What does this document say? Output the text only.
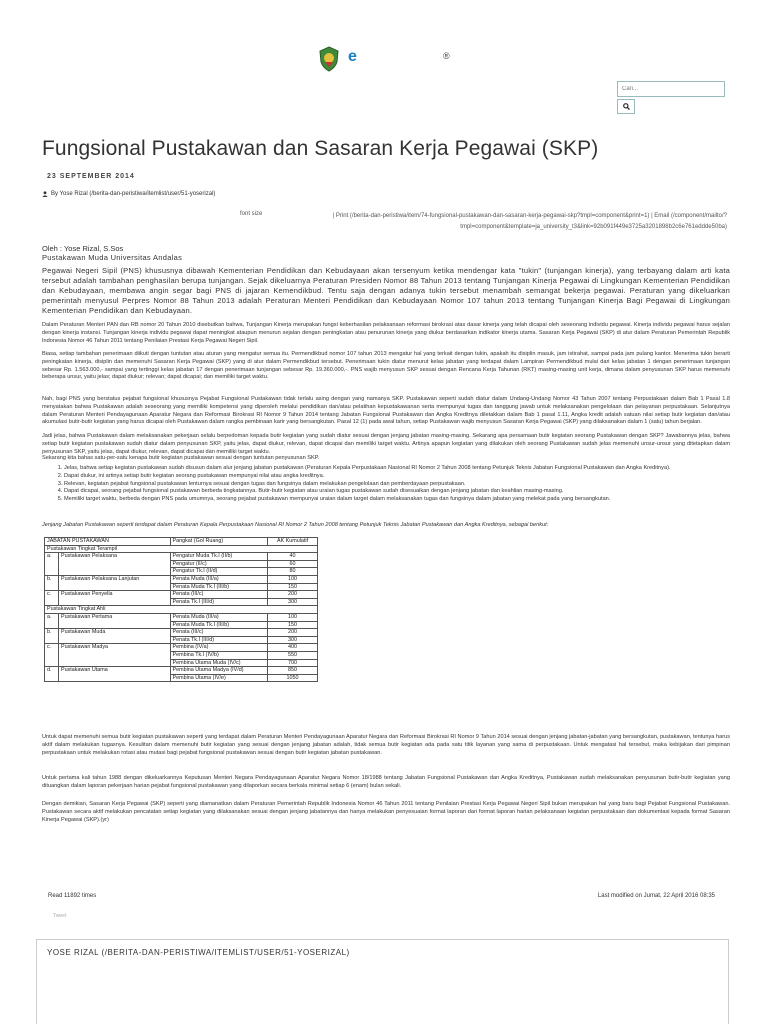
e	®
Cari...
Fungsional Pustakawan dan Sasaran Kerja Pegawai (SKP)
23 SEPTEMBER 2014
By Yose Rizal (/berita-dan-peristiwa/itemlist/user/51-yoserizal)
font size	| Print (/berita-dan-peristiwa/item/74-fungsional-pustakawan-dan-sasaran-kerja-pegawai-skp?tmpl=component&print=1) | Email (/component/mailto/?tmpl=component&template=ja_university_t3&link=92b091f449e3725a3201898b2c6e761eddde50ba)
Oleh : Yose Rizal, S.Sos
Pustakawan Muda Universitas Andalas
Pegawai Negeri Sipil (PNS) khususnya dibawah Kementerian Pendidikan dan Kebudayaan akan tersenyum ketika mendengar kata "tukin" (tunjangan kinerja), yang terbayang dalam arti kata tersebut adalah tambahan penghasilan berupa tunjangan. Sejak dikeluarnya Peraturan Presiden Nomor 88 Tahun 2013 tentang Tunjangan Kinerja Pegawai di Lingkungan Kementerian Pendidikan dan Kebudayaan, membawa angin segar bagi PNS di jajaran Kemendikbud. Tentu saja dengan adanya tukin tersebut menambah semangat bekerja pegawai. Peraturan yang dikeluarkan pemerintah menyusul Perpres Nomor 88 Tahun 2013 adalah Peraturan Menteri Pendidikan dan Kebudayaan Nomor 107 tahun 2013 tentang Tunjangan Kinerja Bagi Pegawai di Lingkungan Kementerian Pendidikan dan Kebudayaan.
Dalam Peraturan Menteri PAN dan RB nomor 20 Tahun 2010 disebutkan bahwa, Tunjangan Kinerja merupakan fungsi keberhasilan pelaksanaan reformasi birokrasi atas dasar kinerja yang telah dicapai oleh seseorang individu pegawai. Kinerja individu pegawai harus sejalan dengan kinerja instansi. Tunjangan kinerja individu pegawai dapat meningkat ataupun menurun sejalan dengan peningkatan atau penurunan kinerja yang diukur berdasarkan indikator kinerja utama. Sasaran Kerja Pegawai (SKP) di atur dalam Peraturan Pemerintah Republik Indonesia Nomor 46 Tahun 2011 tentang Penilaian Prestasi Kerja Pegawai Negeri Sipil.
Biasa, setiap tambahan penerimaan diikuti dengan tuntutan atau aturan yang mengatur semua itu. Permendikbud nomor 107 tahun 2013 mengatur hal yang terkait dengan tukin, apakah itu disiplin masuk, jam istirahat, sampai pada jam pulang kantor. Menerima tukin berarti peningkatan kinerja, disiplin dan memenuhi Sasaran Kerja Pegawai (SKP) yang di atur dalam Permendikbud tersebut. Penerimaan tukin diatur menurut kelas jabatan yang terdapat dalam Lampiran Permendikbud mulai dari kelas jabatan 1 dengan penerimaan tunjangan sebesar Rp. 1.563.000,- sampai yang tertinggi kelas jabatan 17 dengan penerimaan tunjangan sebesar Rp. 19.360.000,-. PNS wajib menyusun SKP sesuai dengan Rencana Kerja Tahunan (RKT) masing-masing unit kerja, dimana dalam penyusunan SKP harus memenuhi beberapa unsur, yaitu jelas; dapat diukur; relevan; dapat dicapai; dan memiliki target waktu.
Nah, bagi PNS yang berstatus pejabat fungsional khususnya Pejabat Fungsional Pustakawan tidak terlalu asing dengan yang namanya SKP. Pustakawan seperti sudah diatur dalam Undang-Undang Nomor 43 Tahun 2007 tentang Perpustakaan dalam Bab 1 Pasal 1.8 menyatakan bahwa Pustakawan adalah seseorang yang memiliki kompetensi yang diperoleh melalui pendidikan dan/atau pelatihan kepustakawanan serta mempunyai tugas dan tanggung jawab untuk melaksanakan pengelolaan dan pelayanan perpustakaan. Selanjutnya dalam Peraturan Menteri Pendayagunaan Aparatur Negara dan Reformasi Birokrasi RI Nomor 9 Tahun 2014 tentang Jabatan Fungsional Pustakawan dan Angka Kreditnya diletakkan dalam Bab 1 pasal 1.11, Angka kredit adalah satuan nilai setiap butir kegiatan dan/atau akumulasi butir-butir kegiatan yang harus dicapai oleh Pustakawan dalam rangka pembinaan karir yang bersangkutan. Pasal 12 (1) pada awal tahun, setiap Pustakawan wajib menyusun Sasaran Kerja Pegawai (SKP) yang dilaksanakan dalam 1 (satu) tahun berjalan.
Jadi jelas, bahwa Pustakawan dalam melaksanakan pekerjaan selalu berpedoman kepada butir kegiatan yang sudah diatur sesuai dengan jenjang jabatan masing-masing. Sekarang apa persamaan butir kegiatan seorang Pustakawan dengan SKP? Jawabannya jelas, bahwa setiap butir kegiatan pustakawan sudah diatur dalam penyusunan SKP, yaitu jelas, dapat diukur, relevan, dapat dicapai dan memiliki target waktu. Artinya apapun kegiatan yang dilakukan oleh seorang Pustakawan sudah jelas memenuhi unsur-unsur yang ditetapkan dalam penyusunan SKP, yaitu jelas, dapat diukur, relevan, dapat dicapai dan memiliki target waktu.
Sekarang kita bahas satu-per-satu kenapa butir kegiatan pustakawan sesuai dengan tuntutan penyusunan SKP.
1. Jelas, bahwa setiap kegiatan pustakawan sudah disusun dalam alur jenjang jabatan pustakawan (Peraturan Kepala Perpustakaan Nasional RI Nomor 2 Tahun 2008 tentang Petunjuk Teknis Jabatan Fungsional Pustakawan dan Angka Kreditnya).
2. Dapat diukur, ini artinya setiap butir kegiatan seorang pustakawan mempunyai nilai atau angka kreditnya.
3. Relevan, kegiatan pejabat fungsional pustakawan lenturnya sesuai dengan tugas dan fungsinya dalam melakukan pengelolaan dan pemberdayaan perpustakaan.
4. Dapat dicapai, seorang pejabat fungsional pustakawan berbeda tingkatannya. Butir-butir kegiatan atau uraian tugas pustakawan sudah disesuaikan dengan jenjang jabatan dan keahlian masing-masing.
5. Memiliki target waktu, berbeda dengan PNS pada umumnya, seorang pejabat pustakawan mempunyai uraian dalam target dalam melaksanakan tugas dan fungsinya dalam jabatan yang melekat pada yang bersangkutan.
Jenjang Jabatan Pustakawan seperti terdapat dalam Peraturan Kepala Perpustakaan Nasional RI Nomor 2 Tahun 2008 tentang Petunjuk Teknis Jabatan Pustakawan dan Angka Kreditnya, sebagai berikut:
JABATAN PUSTAKAWAN		Pangkat (Gol Ruang)	AK Kumulatif
Pustakawan Tingkat Terampil			
a.	Pustakawan Pelaksana	Pengatur Muda Tk.I (II/b)	40
		Pengatur (II/c)	60
		Pengatur Tk.I (II/d)	80
b.	Pustakawan Pelaksana Lanjutan	Penata Muda (III/a)	100
		Penata Muda Tk.I (III/b)	150
c.	Pustakawan Penyelia	Penata (III/c)	200
		Penata Tk.I (III/d)	300
Pustakawan Tingkat Ahli			
a.	Pustakawan Pertama	Penata Muda (III/a)	100
		Penata Muda Tk.I (III/b)	150
b.	Pustakawan Muda	Penata (III/c)	200
		Penata Tk.I (III/d)	300
c.	Pustakawan Madya	Pembina (IV/a)	400
		Pembina Tk.I (IV/b)	550
		Pembina Utama Muda (IV/c)	700
d.	Pustakawan Utama	Pembina Utama Madya (IV/d)	850
		Pembina Utama (IV/e)	1050
Untuk dapat memenuhi semua butir kegiatan pustakawan seperti yang terdapat dalam Peraturan Menteri Pendayagunaan Aparatur Negara dan Reformasi Birokrasi RI Nomor 9 Tahun 2014 sesuai dengan jenjang jabatan-jabatan yang bersangkutan, pustakawan, tentunya harus aktif dalam melakukan tugasnya. Kesulitan dalam memenuhi butir kegiatan yang sesuai dengan jenjang jabatan adalah, tidak semua butir kegiatan ada pada satu titik layanan yang sama di perpustakaan. Untuk mengatasi hal tersebut, maka kebijakan dari pimpinan perpustakaan untuk melakukan rotasi atau mutasi bagi pejabat fungsional pustakawan sesuai dengan butir kegiatan jabatan pustakawan.
Untuk pertama kali tahun 1988 dengan dikeluarkannya Keputusan Menteri Negara Pendayagunaan Aparatur Negara Nomor 18/1988 tentang Jabatan Fungsional Pustakawan dan Angka Kreditnya, Pustakawan sudah melaksanakan penyusunan butir-butir kegiatan yang dituangkan dalam laporan pekerjaan harian pejabat fungsional pustakawan yang dilaporkan secara berkala minimal setiap 6 (enam) bulan sekali.
Dengan demikian, Sasaran Kerja Pegawai (SKP) seperti yang diamanatkan dalam Peraturan Pemerintah Republik Indonesia Nomor 46 Tahun 2011 tentang Penilaian Prestasi Kerja Pegawai Negeri Sipil bukan merupakan hal yang baru bagi Pejabat Fungsional Pustakawan. Pustakawan secara aktif melakukan pencatatan setiap kegiatan yang dilaksanakan sesuai dengan jenjang jabatannya dan hanya melakukan penyesuaian format laporan dari format laporan harian pelaksanaan kegiatan perpustakaan dan dokumentasi kepada format Sasaran Kinerja Pegawai (SKP).(yr)
Read 11892 times	Last modified on Jumat, 22 April 2016 08:35
Tweet
YOSE RIZAL (/BERITA-DAN-PERISTIWA/ITEMLIST/USER/51-YOSERIZAL)
